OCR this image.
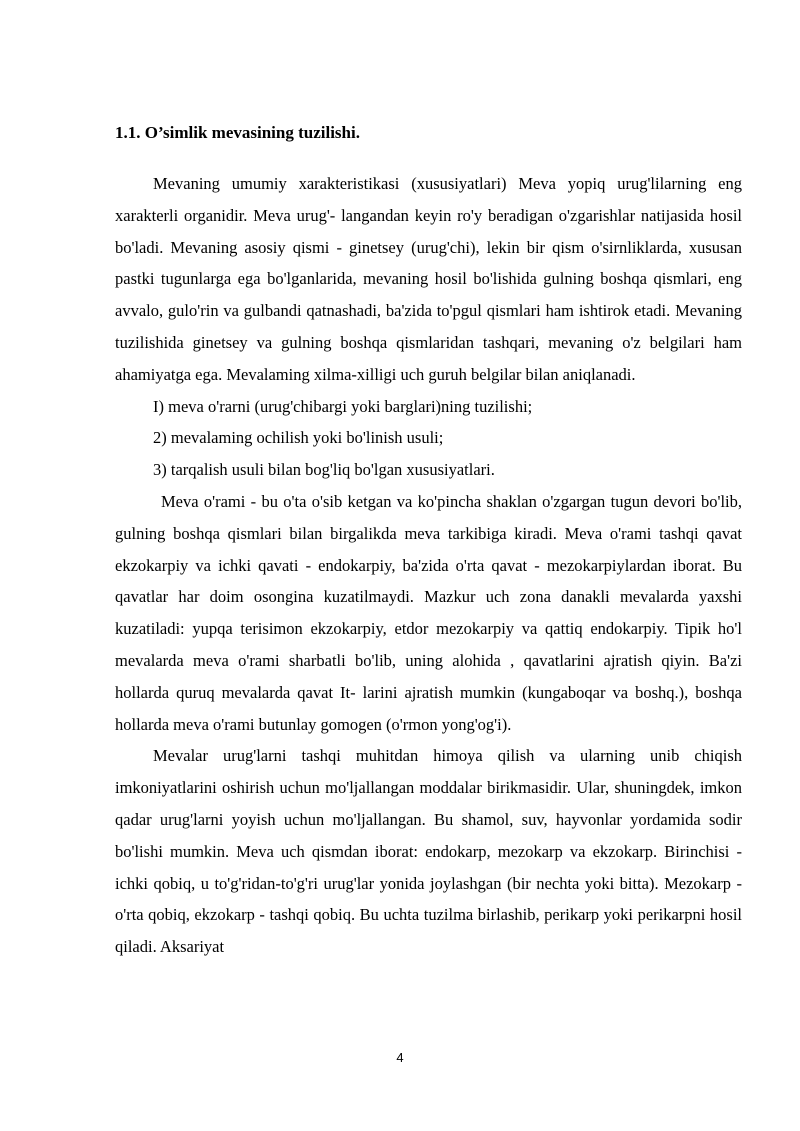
1.1. O’simlik mevasining tuzilishi.

Mevaning umumiy xarakteristikasi (xususiyatlari) Meva yopiq urug'lilarning eng xarakterli organidir. Meva urug'- langandan keyin ro'y beradigan o'zgarishlar natijasida hosil bo'ladi. Mevaning asosiy qismi - ginetsey (urug'chi), lekin bir qism o'sirnliklarda, xususan pastki tugunlarga ega bo'lganlarida, mevaning hosil bo'lishida gulning boshqa qismlari, eng avvalo, gulo'rin va gulbandi qatnashadi, ba'zida to'pgul qismlari ham ishtirok etadi. Mevaning tuzilishida ginetsey va gulning boshqa qismlaridan tashqari, mevaning o'z belgilari ham ahamiyatga ega. Mevalaming xilma-xilligi uch guruh belgilar bilan aniqlanadi.

I) meva o'rarni (urug'chibargi yoki barglari)ning tuzilishi;

2) mevalaming ochilish yoki bo'linish usuli;

3) tarqalish usuli bilan bog'liq bo'lgan xususiyatlari.

Meva o'rami - bu o'ta o'sib ketgan va ko'pincha shaklan o'zgargan tugun devori bo'lib, gulning boshqa qismlari bilan birgalikda meva tarkibiga kiradi. Meva o'rami tashqi qavat ekzokarpiy va ichki qavati - endokarpiy, ba'zida o'rta qavat - mezokarpiylardan iborat. Bu qavatlar har doim osongina kuzatilmaydi. Mazkur uch zona danakli mevalarda yaxshi kuzatiladi: yupqa terisimon ekzokarpiy, etdor mezokarpiy va qattiq endokarpiy. Tipik ho'l mevalarda meva o'rami sharbatli bo'lib, uning alohida , qavatlarini ajratish qiyin. Ba'zi hollarda quruq mevalarda qavat It- larini ajratish mumkin (kungaboqar va boshq.), boshqa hollarda meva o'rami butunlay gomogen (o'rmon yong'og'i).

Mevalar urug'larni tashqi muhitdan himoya qilish va ularning unib chiqish imkoniyatlarini oshirish uchun mo'ljallangan moddalar birikmasidir. Ular, shuningdek, imkon qadar urug'larni yoyish uchun mo'ljallangan. Bu shamol, suv, hayvonlar yordamida sodir bo'lishi mumkin. Meva uch qismdan iborat: endokarp, mezokarp va ekzokarp. Birinchisi - ichki qobiq, u to'g'ridan-to'g'ri urug'lar yonida joylashgan (bir nechta yoki bitta). Mezokarp - o'rta qobiq, ekzokarp - tashqi qobiq. Bu uchta tuzilma birlashib, perikarp yoki perikarpni hosil qiladi. Aksariyat

4
